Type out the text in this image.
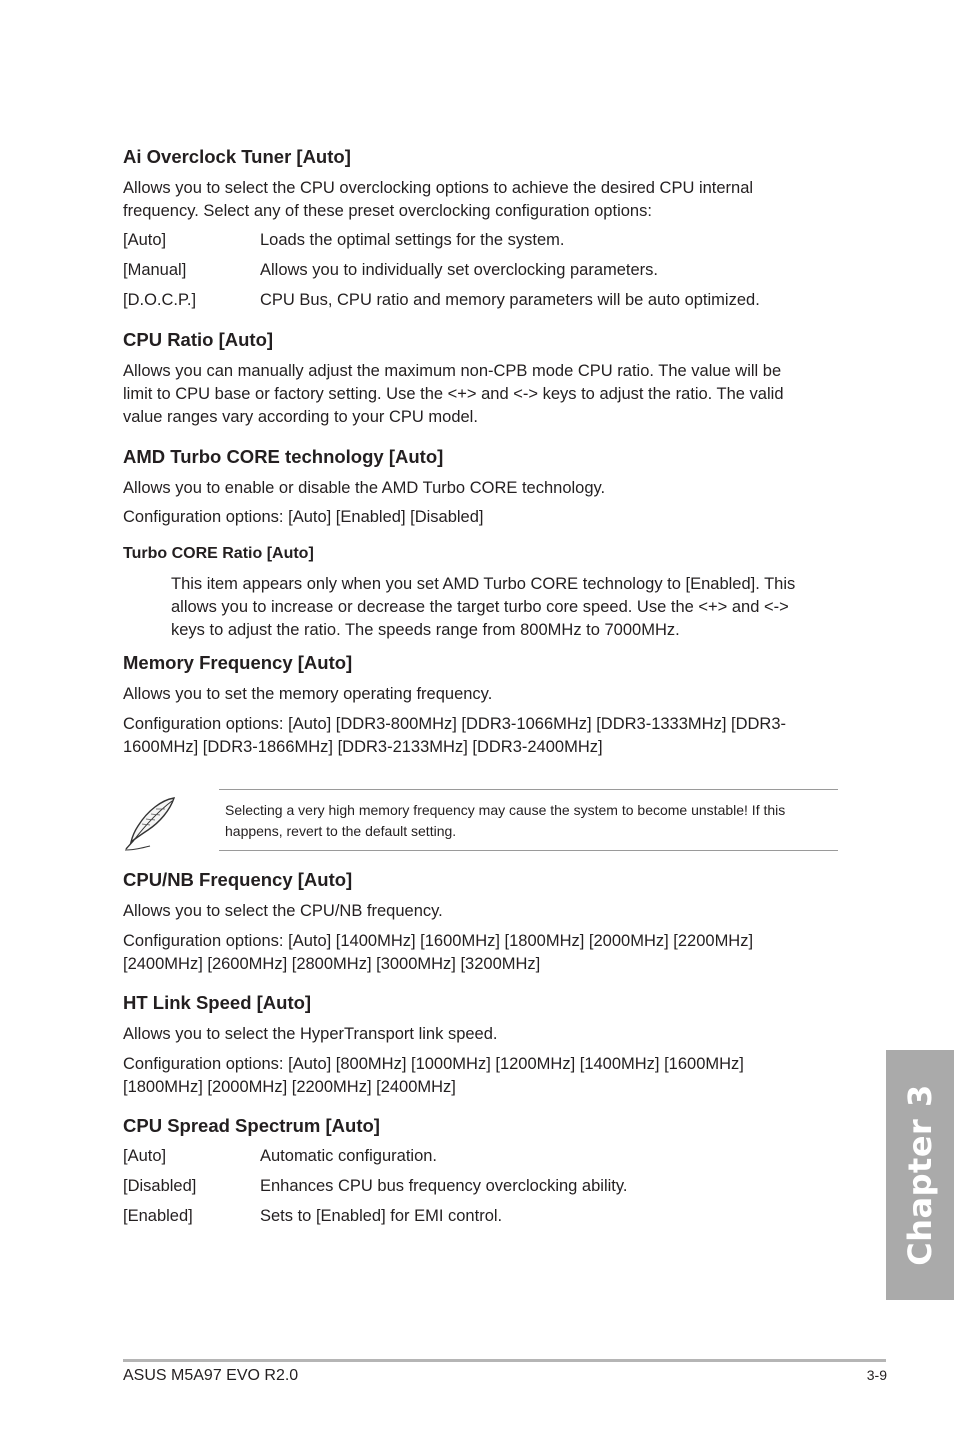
Ai Overclock Tuner [Auto]
Allows you to select the CPU overclocking options to achieve the desired CPU internal
frequency. Select any of these preset overclocking configuration options:
[Auto]	Loads the optimal settings for the system.
[Manual]	Allows you to individually set overclocking parameters.
[D.O.C.P.]	CPU Bus, CPU ratio and memory parameters will be auto optimized.
CPU Ratio [Auto]
Allows you can manually adjust the maximum non-CPB mode CPU ratio. The value will be
limit to CPU base or factory setting. Use the <+> and <-> keys to adjust the ratio. The valid
value ranges vary according to your CPU model.
AMD Turbo CORE technology [Auto]
Allows you to enable or disable the AMD Turbo CORE technology.
Configuration options: [Auto] [Enabled] [Disabled]
Turbo CORE Ratio [Auto]
This item appears only when you set AMD Turbo CORE technology to [Enabled]. This
allows you to increase or decrease the target turbo core speed. Use the <+> and <->
keys to adjust the ratio. The speeds range from 800MHz to 7000MHz.
Memory Frequency [Auto]
Allows you to set the memory operating frequency.
Configuration options: [Auto] [DDR3-800MHz] [DDR3-1066MHz] [DDR3-1333MHz] [DDR3-
1600MHz] [DDR3-1866MHz] [DDR3-2133MHz] [DDR3-2400MHz]
Selecting a very high memory frequency may cause the system to become unstable! If this
happens, revert to the default setting.
CPU/NB Frequency [Auto]
Allows you to select the CPU/NB frequency.
Configuration options: [Auto] [1400MHz] [1600MHz] [1800MHz] [2000MHz] [2200MHz]
[2400MHz] [2600MHz] [2800MHz] [3000MHz] [3200MHz]
HT Link Speed [Auto]
Allows you to select the HyperTransport link speed.
Configuration options: [Auto] [800MHz] [1000MHz] [1200MHz] [1400MHz] [1600MHz]
[1800MHz] [2000MHz] [2200MHz] [2400MHz]
CPU Spread Spectrum [Auto]
[Auto]	Automatic configuration.
[Disabled]	Enhances CPU bus frequency overclocking ability.
[Enabled]	Sets to [Enabled] for EMI control.	Chapter 3
ASUS M5A97 EVO R2.0	3-9
